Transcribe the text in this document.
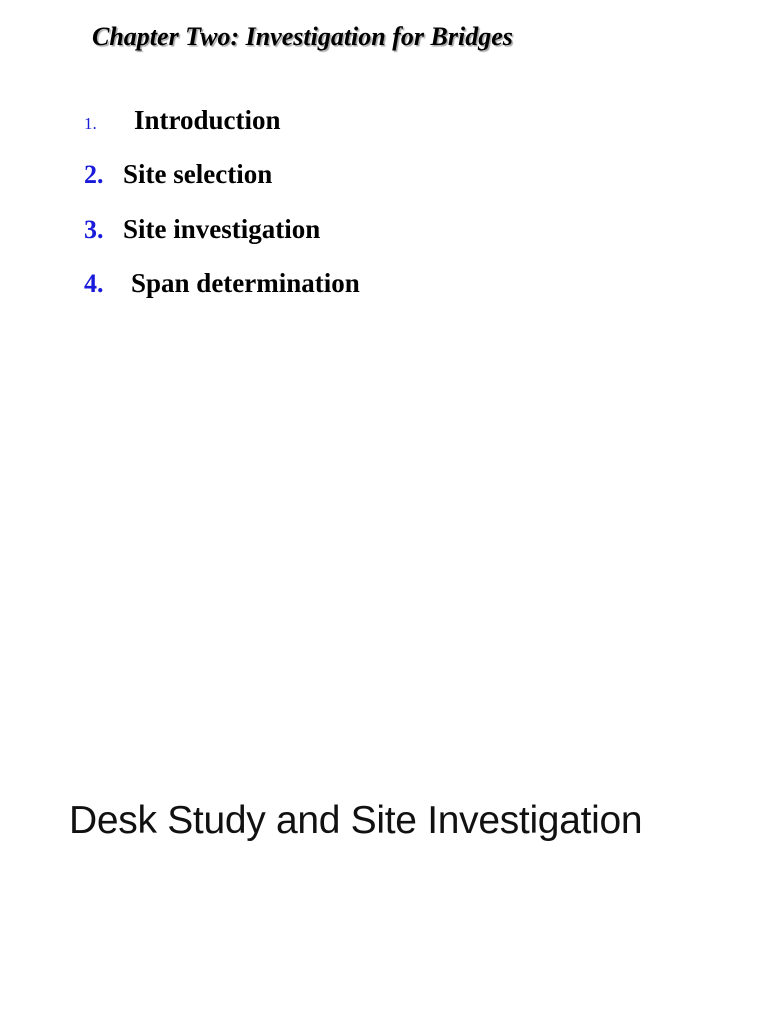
Chapter Two: Investigation for Bridges
1. Introduction
2. Site selection
3. Site investigation
4. Span determination
Desk Study and Site Investigation
